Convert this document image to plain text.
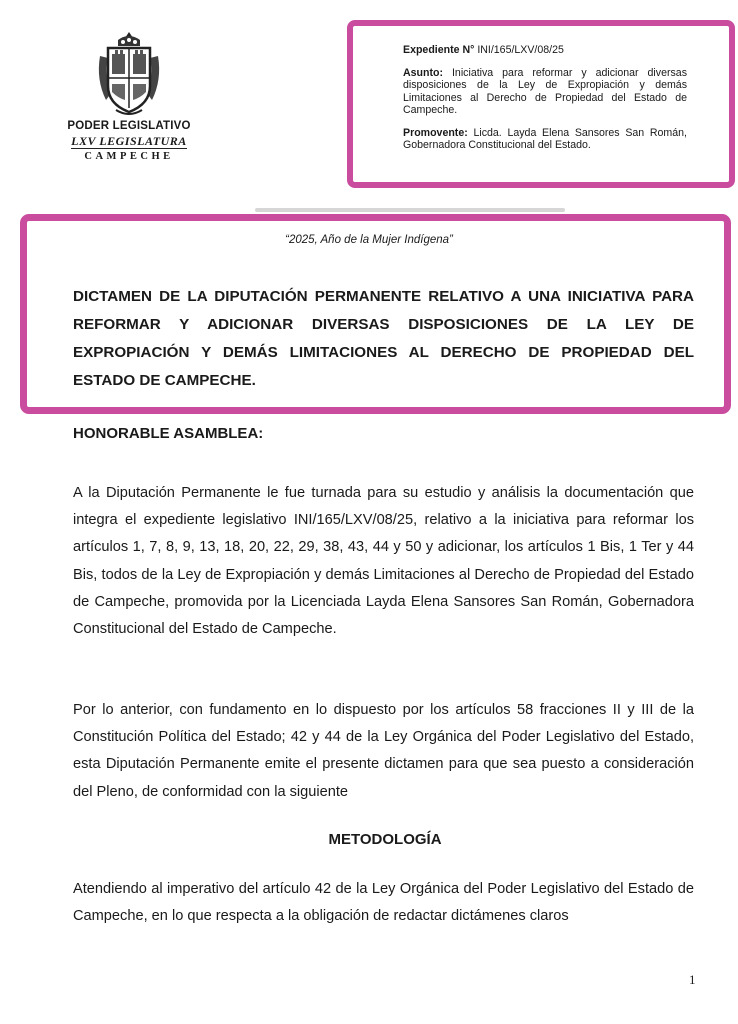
PODER LEGISLATIVO
LXV LEGISLATURA
CAMPECHE

Expediente N° INI/165/LXV/08/25

Asunto: Iniciativa para reformar y adicionar diversas disposiciones de la Ley de Expropiación y demás Limitaciones al Derecho de Propiedad del Estado de Campeche.

Promovente: Licda. Layda Elena Sansores San Román, Gobernadora Constitucional del Estado.

“2025, Año de la Mujer Indígena”
DICTAMEN DE LA DIPUTACIÓN PERMANENTE RELATIVO A UNA INICIATIVA PARA REFORMAR Y ADICIONAR DIVERSAS DISPOSICIONES DE LA LEY DE EXPROPIACIÓN Y DEMÁS LIMITACIONES AL DERECHO DE PROPIEDAD DEL ESTADO DE CAMPECHE.
HONORABLE ASAMBLEA:
A la Diputación Permanente le fue turnada para su estudio y análisis la documentación que integra el expediente legislativo INI/165/LXV/08/25, relativo a la iniciativa para reformar los artículos 1, 7, 8, 9, 13, 18, 20, 22, 29, 38, 43, 44 y 50 y adicionar, los artículos 1 Bis, 1 Ter y 44 Bis, todos de la Ley de Expropiación y demás Limitaciones al Derecho de Propiedad del Estado de Campeche, promovida por la Licenciada Layda Elena Sansores San Román, Gobernadora Constitucional del Estado de Campeche.
Por lo anterior, con fundamento en lo dispuesto por los artículos 58 fracciones II y III de la Constitución Política del Estado; 42 y 44 de la Ley Orgánica del Poder Legislativo del Estado, esta Diputación Permanente emite el presente dictamen para que sea puesto a consideración del Pleno, de conformidad con la siguiente
METODOLOGÍA
Atendiendo al imperativo del artículo 42 de la Ley Orgánica del Poder Legislativo del Estado de Campeche, en lo que respecta a la obligación de redactar dictámenes claros
1
